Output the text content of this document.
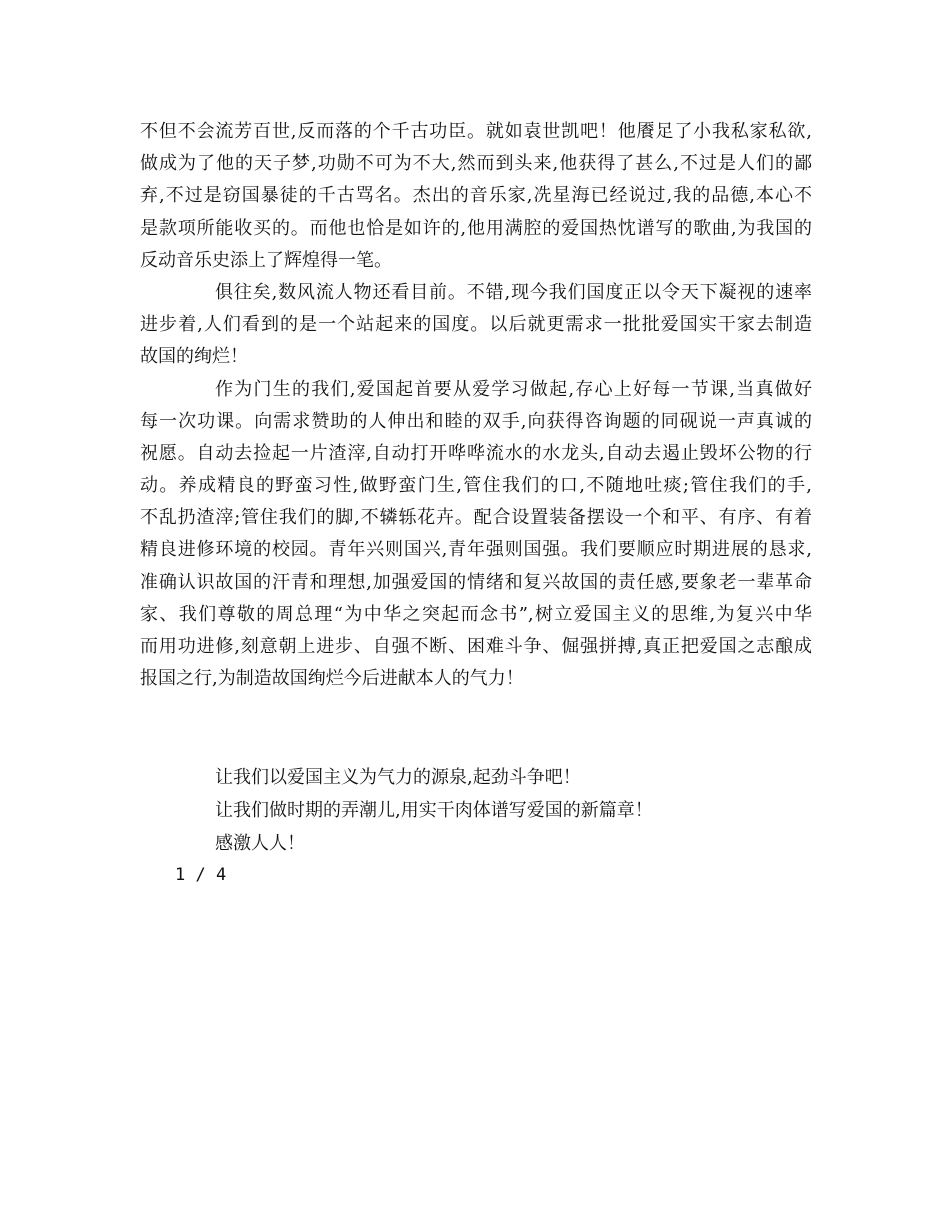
不但不会流芳百世,反而落的个千古功臣。就如袁世凯吧！他餍足了小我私家私欲,
做成为了他的天子梦,功勋不可为不大,然而到头来,他获得了甚么,不过是人们的鄙
弃,不过是窃国暴徒的千古骂名。杰出的音乐家,冼星海已经说过,我的品德,本心不
是款项所能收买的。而他也恰是如许的,他用满腔的爱国热忱谱写的歌曲,为我国的
反动音乐史添上了辉煌得一笔。
俱往矣,数风流人物还看目前。不错,现今我们国度正以令天下凝视的速率
进步着,人们看到的是一个站起来的国度。以后就更需求一批批爱国实干家去制造
故国的绚烂！
作为门生的我们,爱国起首要从爱学习做起,存心上好每一节课,当真做好
每一次功课。向需求赞助的人伸出和睦的双手,向获得咨询题的同砚说一声真诚的
祝愿。自动去捡起一片渣滓,自动打开哗哗流水的水龙头,自动去遏止毁坏公物的行
动。养成精良的野蛮习性,做野蛮门生,管住我们的口,不随地吐痰;管住我们的手,
不乱扔渣滓;管住我们的脚,不辚轹花卉。配合设置装备摆设一个和平、有序、有着
精良进修环境的校园。青年兴则国兴,青年强则国强。我们要顺应时期进展的恳求,
准确认识故国的汗青和理想,加强爱国的情绪和复兴故国的责任感,要象老一辈革命
家、我们尊敬的周总理“为中华之突起而念书”,树立爱国主义的思维,为复兴中华
而用功进修,刻意朝上进步、自强不断、困难斗争、倔强拼搏,真正把爱国之志酿成
报国之行,为制造故国绚烂今后进献本人的气力！
让我们以爱国主义为气力的源泉,起劲斗争吧！
让我们做时期的弄潮儿,用实干肉体谱写爱国的新篇章！
感激人人！
1 / 4
